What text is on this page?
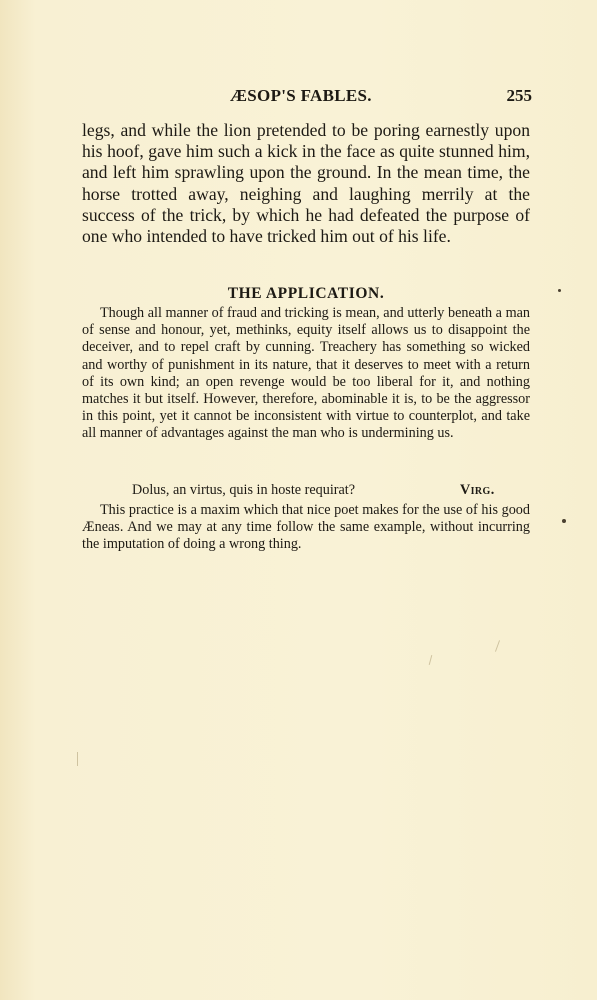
ÆSOP'S FABLES.	255

legs, and while the lion pretended to be poring earnestly upon his hoof, gave him such a kick in the face as quite stunned him, and left him sprawling upon the ground. In the mean time, the horse trotted away, neighing and laughing merrily at the success of the trick, by which he had defeated the purpose of one who intended to have tricked him out of his life.

THE APPLICATION.

Though all manner of fraud and tricking is mean, and utterly beneath a man of sense and honour, yet, methinks, equity itself allows us to disappoint the deceiver, and to repel craft by cunning. Treachery has something so wicked and worthy of punishment in its nature, that it deserves to meet with a return of its own kind; an open revenge would be too liberal for it, and nothing matches it but itself. However, therefore, abominable it is, to be the aggressor in this point, yet it cannot be inconsistent with virtue to counterplot, and take all manner of advantages against the man who is undermining us.

Dolus, an virtus, quis in hoste requirat?	Virg.

This practice is a maxim which that nice poet makes for the use of his good Æneas. And we may at any time follow the same example, without incurring the imputation of doing a wrong thing.
